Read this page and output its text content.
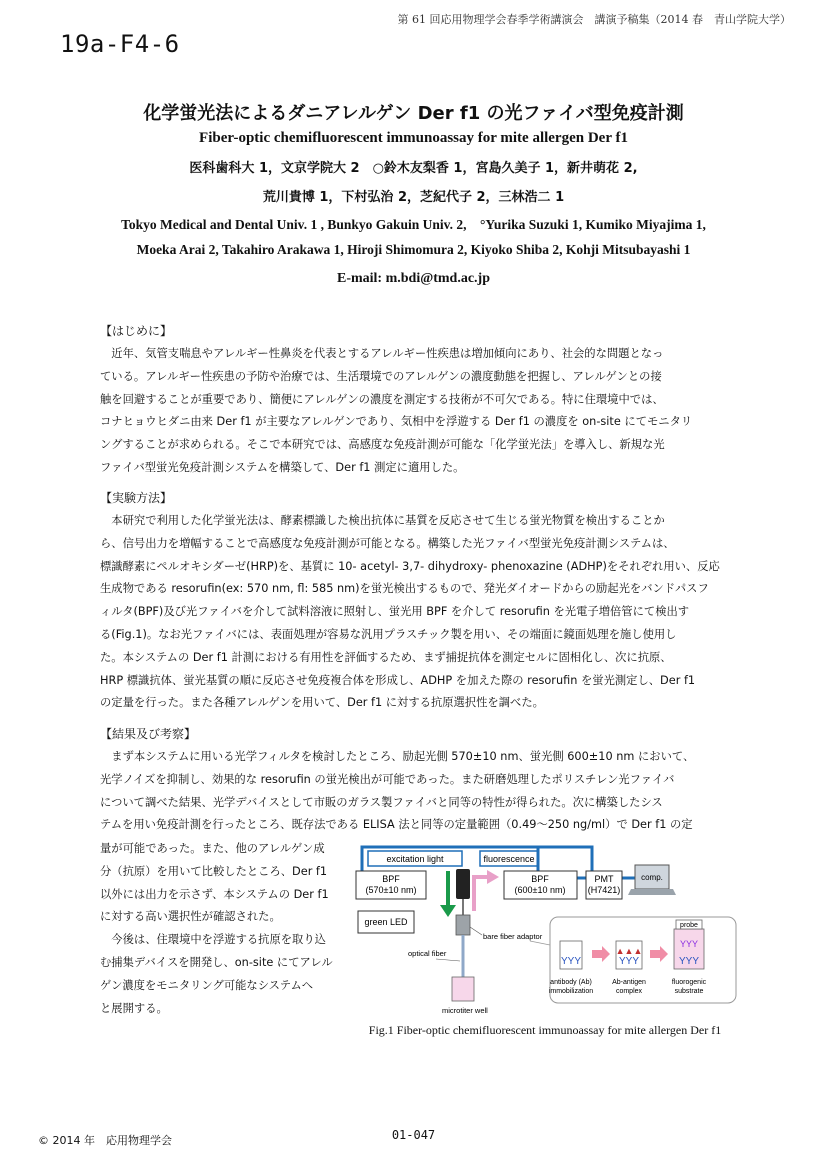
第 61 回応用物理学会春季学術講演会　講演予稿集（2014 春　青山学院大学）
19a-F4-6
化学蛍光法によるダニアレルゲン Der f1 の光ファイバ型免疫計測
Fiber-optic chemifluorescent immunoassay for mite allergen Der f1
医科歯科大 1，文京学院大 2　○鈴木友梨香 1，宮島久美子 1，新井萌花 2,
荒川貴博 1，下村弘治 2，芝紀代子 2，三林浩二 1
Tokyo Medical and Dental Univ. 1 , Bunkyo Gakuin Univ. 2,　°Yurika Suzuki 1, Kumiko Miyajima 1,
Moeka Arai 2, Takahiro Arakawa 1, Hiroji Shimomura 2, Kiyoko Shiba 2, Kohji Mitsubayashi 1
E-mail: m.bdi@tmd.ac.jp
【はじめに】
近年、気管支喘息やアレルギー性鼻炎を代表とするアレルギー性疾患は増加傾向にあり、社会的な問題となっ
ている。アレルギー性疾患の予防や治療では、生活環境でのアレルゲンの濃度動態を把握し、アレルゲンとの接
触を回避することが重要であり、簡便にアレルゲンの濃度を測定する技術が不可欠である。特に住環境中では、
コナヒョウヒダニ由来 Der f1 が主要なアレルゲンであり、気相中を浮遊する Der f1 の濃度を on-site にてモニタリ
ングすることが求められる。そこで本研究では、高感度な免疫計測が可能な「化学蛍光法」を導入し、新規な光
ファイバ型蛍光免疫計測システムを構築して、Der f1 測定に適用した。
【実験方法】
本研究で利用した化学蛍光法は、酵素標識した検出抗体に基質を反応させて生じる蛍光物質を検出することか
ら、信号出力を増幅することで高感度な免疫計測が可能となる。構築した光ファイバ型蛍光免疫計測システムは、
標識酵素にペルオキシダーゼ(HRP)を、基質に 10- acetyl- 3,7- dihydroxy- phenoxazine (ADHP)をそれぞれ用い、反応
生成物である resorufin(ex: 570 nm, fl: 585 nm)を蛍光検出するもので、発光ダイオードからの励起光をバンドパスフ
ィルタ(BPF)及び光ファイバを介して試料溶液に照射し、蛍光用 BPF を介して resorufin を光電子増倍管にて検出す
る(Fig.1)。なお光ファイバには、表面処理が容易な汎用プラスチック製を用い、その端面に鏡面処理を施し使用し
た。本システムの Der f1 計測における有用性を評価するため、まず捕捉抗体を測定セルに固相化し、次に抗原、
HRP 標識抗体、蛍光基質の順に反応させ免疫複合体を形成し、ADHP を加えた際の resorufin を蛍光測定し、Der f1
の定量を行った。また各種アレルゲンを用いて、Der f1 に対する抗原選択性を調べた。
【結果及び考察】
まず本システムに用いる光学フィルタを検討したところ、励起光側 570±10 nm、蛍光側 600±10 nm において、
光学ノイズを抑制し、効果的な resorufin の蛍光検出が可能であった。また研磨処理したポリスチレン光ファイバ
について調べた結果、光学デバイスとして市販のガラス製ファイバと同等の特性が得られた。次に構築したシス
テムを用い免疫計測を行ったところ、既存法である ELISA 法と同等の定量範囲（0.49～250 ng/ml）で Der f1 の定
量が可能であった。また、他のアレルゲン成
分（抗原）を用いて比較したところ、Der f1
以外には出力を示さず、本システムの Der f1
に対する高い選択性が確認された。
　今後は、住環境中を浮遊する抗原を取り込
む捕集デバイスを開発し、on-site にてアレル
ゲン濃度をモニタリング可能なシステムへ
と展開する。
excitation light	fluorescence
BPF
(570±10 nm)
BPF
(600±10 nm)
PMT
(H7421)
comp.
green LED
bare fiber adaptor
optical fiber
microtiter well
YYY
antibody (Ab)
immobilization
▲▲▲
YYY
Ab-antigen
complex
probe
YYY
YYY
fluorogenic
substrate
Fig.1 Fiber-optic chemifluorescent immunoassay for mite allergen Der f1
© 2014 年　応用物理学会	01-047
